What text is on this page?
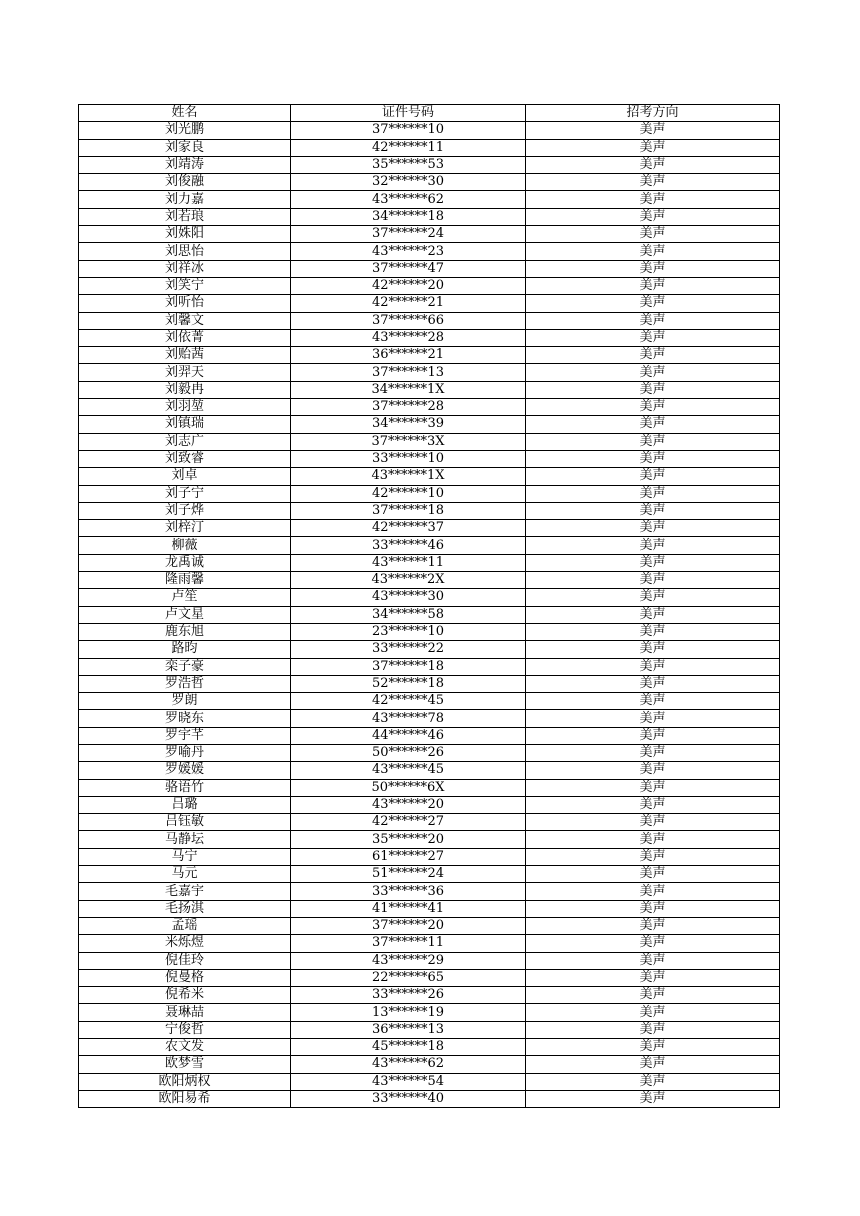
姓名	证件号码	招考方向
刘光鹏	37******10	美声
刘家良	42******11	美声
刘靖涛	35******53	美声
刘俊融	32******30	美声
刘力嘉	43******62	美声
刘若琅	34******18	美声
刘姝阳	37******24	美声
刘思怡	43******23	美声
刘祥冰	37******47	美声
刘笑宁	42******20	美声
刘听怡	42******21	美声
刘馨文	37******66	美声
刘依菁	43******28	美声
刘贻茜	36******21	美声
刘羿天	37******13	美声
刘毅冉	34******1X	美声
刘羽堃	37******28	美声
刘镇瑞	34******39	美声
刘志广	37******3X	美声
刘致睿	33******10	美声
刘卓	43******1X	美声
刘子宁	42******10	美声
刘子烨	37******18	美声
刘梓汀	42******37	美声
柳薇	33******46	美声
龙禹诚	43******11	美声
隆雨馨	43******2X	美声
卢笙	43******30	美声
卢文星	34******58	美声
鹿东旭	23******10	美声
路昀	33******22	美声
栾子豪	37******18	美声
罗浩哲	52******18	美声
罗朗	42******45	美声
罗晓东	43******78	美声
罗宇芊	44******46	美声
罗喻丹	50******26	美声
罗媛媛	43******45	美声
骆语竹	50******6X	美声
吕璐	43******20	美声
吕钰敏	42******27	美声
马静坛	35******20	美声
马宁	61******27	美声
马元	51******24	美声
毛嘉宇	33******36	美声
毛扬淇	41******41	美声
孟瑶	37******20	美声
米烁煜	37******11	美声
倪佳玲	43******29	美声
倪曼格	22******65	美声
倪希米	33******26	美声
聂琳喆	13******19	美声
宁俊哲	36******13	美声
农文发	45******18	美声
欧梦雪	43******62	美声
欧阳炳权	43******54	美声
欧阳易希	33******40	美声
